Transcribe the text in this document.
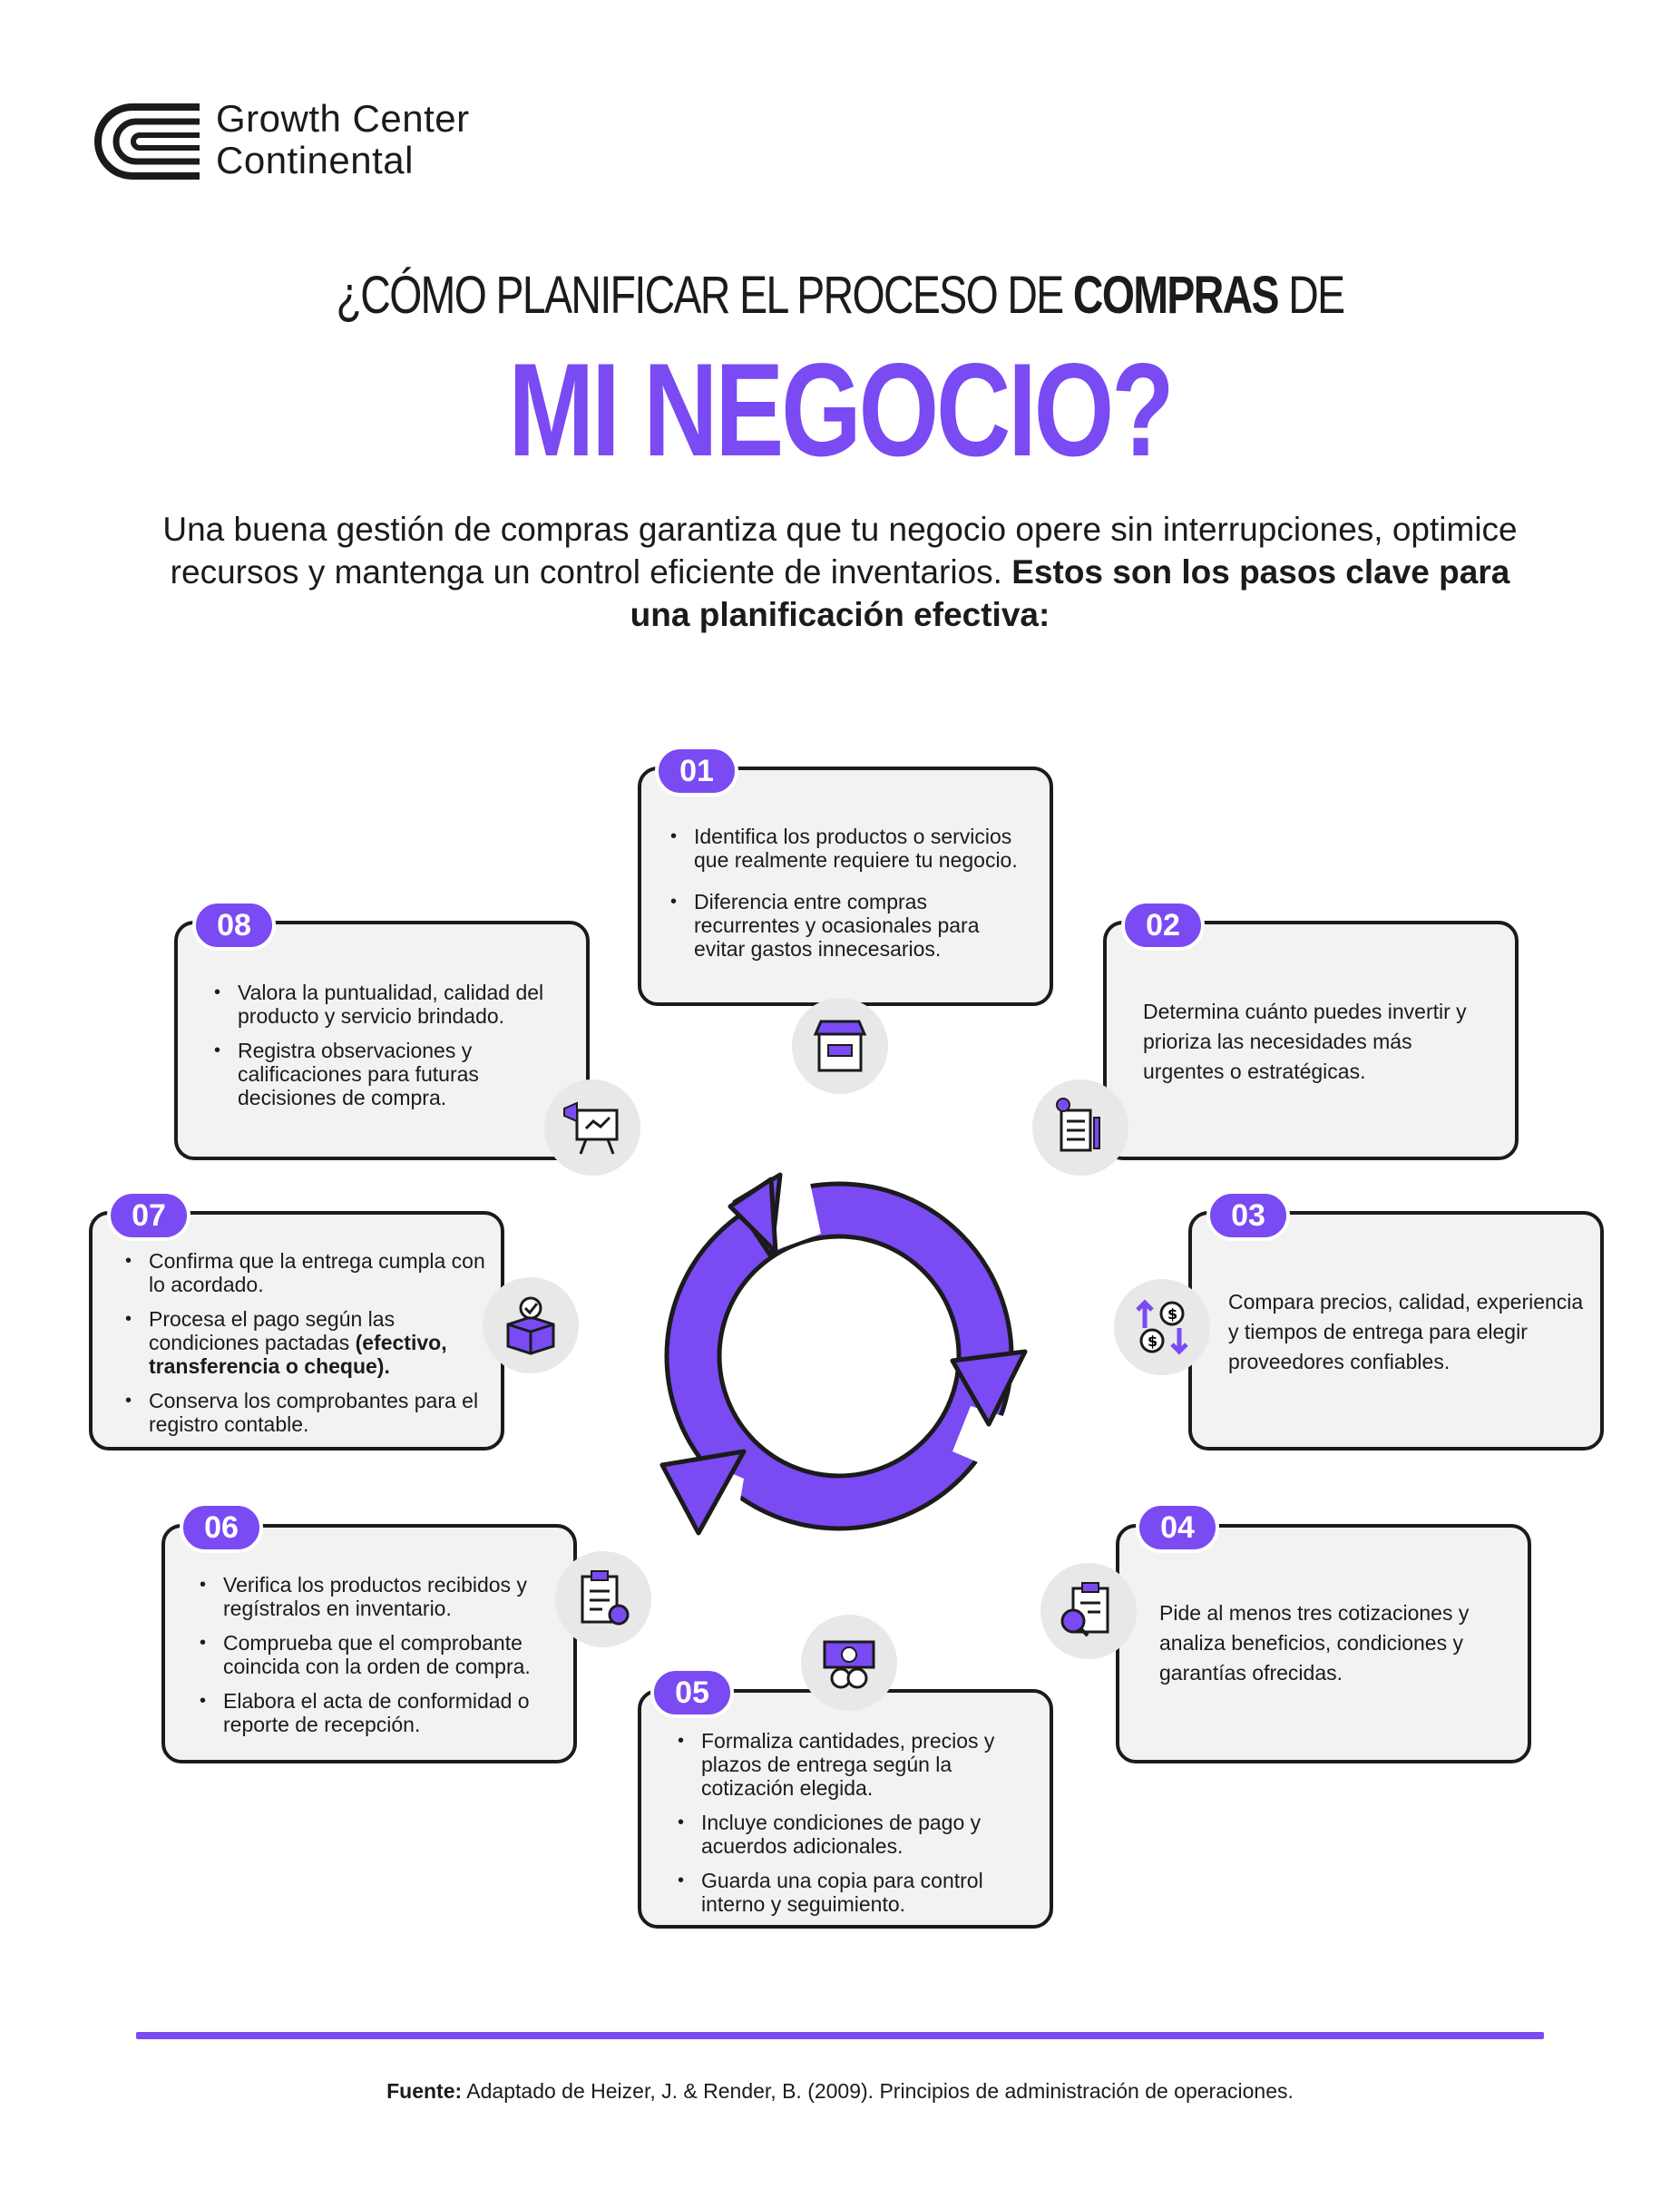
Growth Center
Continental
¿CÓMO PLANIFICAR EL PROCESO DE COMPRAS DE
MI NEGOCIO?
Una buena gestión de compras garantiza que tu negocio opere sin interrupciones, optimice recursos y mantenga un control eficiente de inventarios. Estos son los pasos clave para una planificación efectiva:
• Identifica los productos o servicios que realmente requiere tu negocio.
• Diferencia entre compras recurrentes y ocasionales para evitar gastos innecesarios.
01

Determina cuánto puedes invertir y prioriza las necesidades más urgentes o estratégicas.

02

Compara precios, calidad, experiencia y tiempos de entrega para elegir proveedores confiables.

03
$
$

Pide al menos tres cotizaciones y analiza beneficios, condiciones y garantías ofrecidas.

04
• Formaliza cantidades, precios y plazos de entrega según la cotización elegida.
• Incluye condiciones de pago y acuerdos adicionales.
• Guarda una copia para control interno y seguimiento.
05
• Verifica los productos recibidos y regístralos en inventario.
• Comprueba que el comprobante coincida con la orden de compra.
• Elabora el acta de conformidad o reporte de recepción.
06
• Confirma que la entrega cumpla con lo acordado.
• Procesa el pago según las condiciones pactadas (efectivo, transferencia o cheque).
• Conserva los comprobantes para el registro contable.
07
• Valora la puntualidad, calidad del producto y servicio brindado.
• Registra observaciones y calificaciones para futuras decisiones de compra.
08
Fuente: Adaptado de Heizer, J. & Render, B. (2009). Principios de administración de operaciones.
